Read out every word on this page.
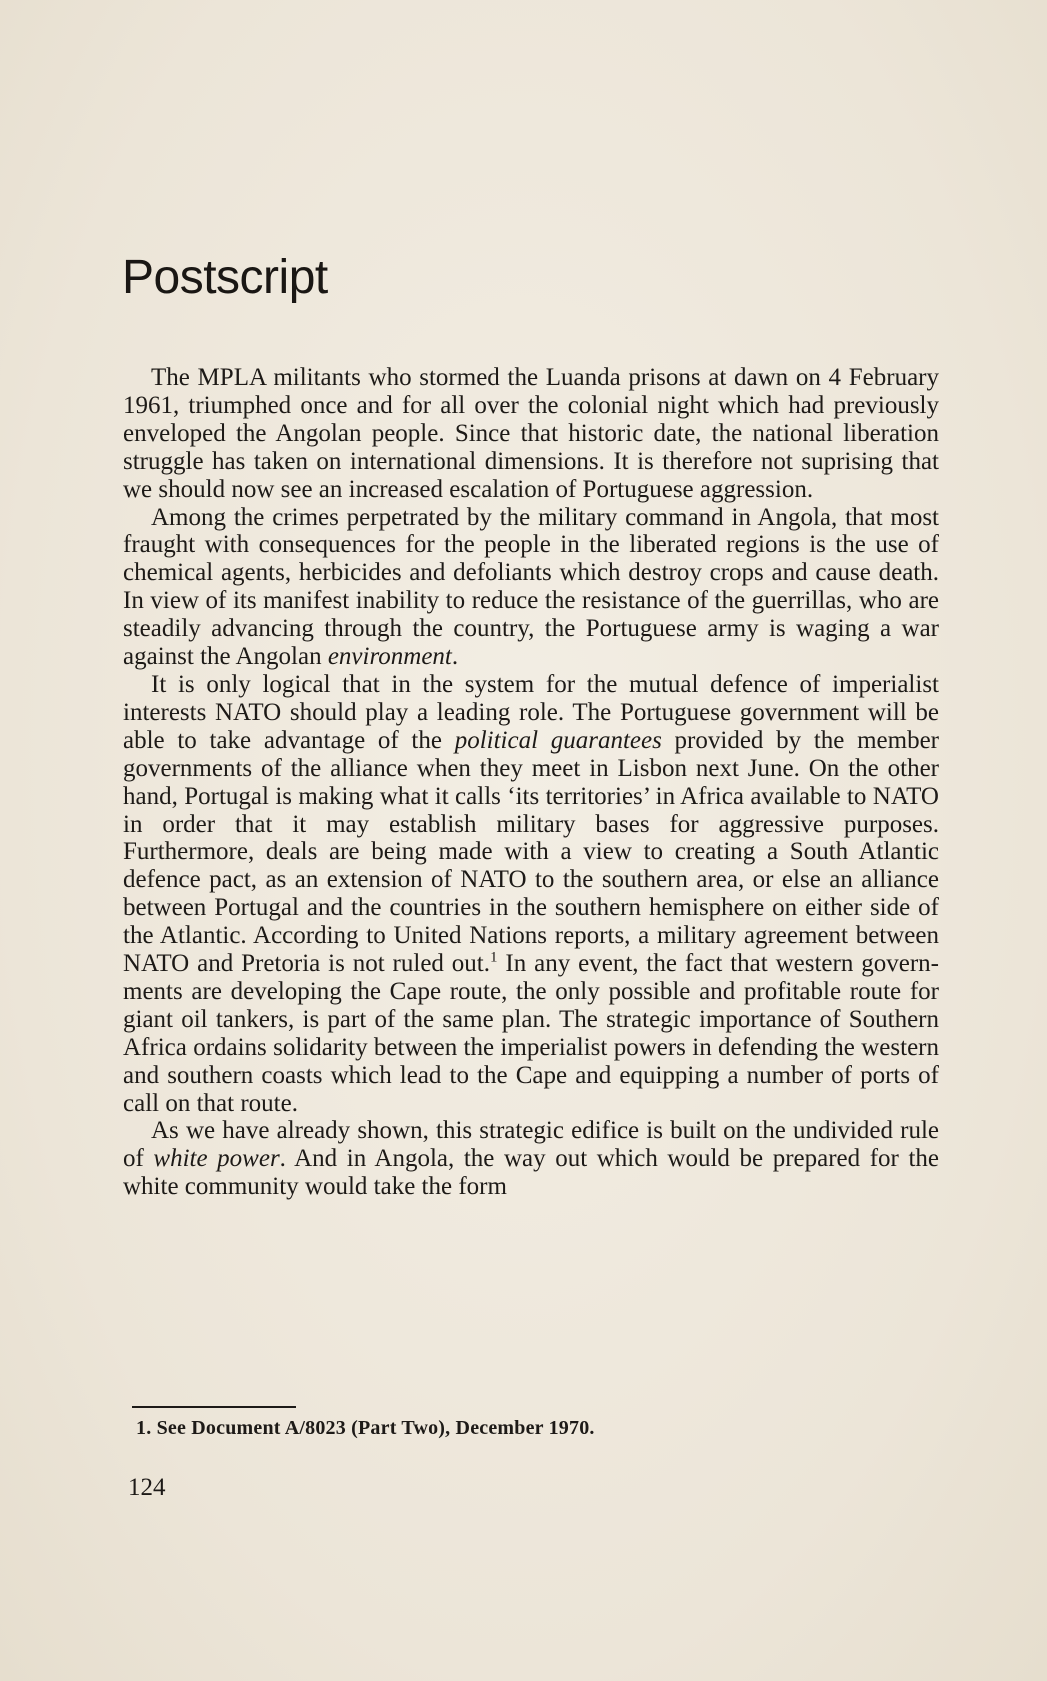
Postscript

The MPLA militants who stormed the Luanda prisons at dawn on 4 February 1961, triumphed once and for all over the colonial night which had previously enveloped the Angolan people. Since that historic date, the national liberation struggle has taken on international dimensions. It is therefore not suprising that we should now see an increased escalation of Portuguese aggression.

Among the crimes perpetrated by the military command in Angola, that most fraught with consequences for the people in the liberated regions is the use of chemical agents, herbicides and defoliants which destroy crops and cause death. In view of its manifest inability to reduce the resistance of the guerrillas, who are steadily advancing through the country, the Portuguese army is waging a war against the Angolan environment.

It is only logical that in the system for the mutual defence of imperialist interests NATO should play a leading role. The Portuguese government will be able to take advantage of the political guarantees provided by the member governments of the alliance when they meet in Lisbon next June. On the other hand, Portugal is making what it calls ‘its territories’ in Africa available to NATO in order that it may establish military bases for aggressive purposes. Furthermore, deals are being made with a view to creating a South Atlantic defence pact, as an extension of NATO to the southern area, or else an alliance between Portugal and the countries in the southern hemisphere on either side of the Atlantic. According to United Nations reports, a military agreement between NATO and Pretoria is not ruled out.$^1$ In any event, the fact that western governments are developing the Cape route, the only possible and profitable route for giant oil tankers, is part of the same plan. The strategic importance of Southern Africa ordains solidarity between the imperialist powers in defending the western and southern coasts which lead to the Cape and equipping a number of ports of call on that route.

As we have already shown, this strategic edifice is built on the undivided rule of white power. And in Angola, the way out which would be prepared for the white community would take the form

1. See Document A/8023 (Part Two), December 1970.
124
